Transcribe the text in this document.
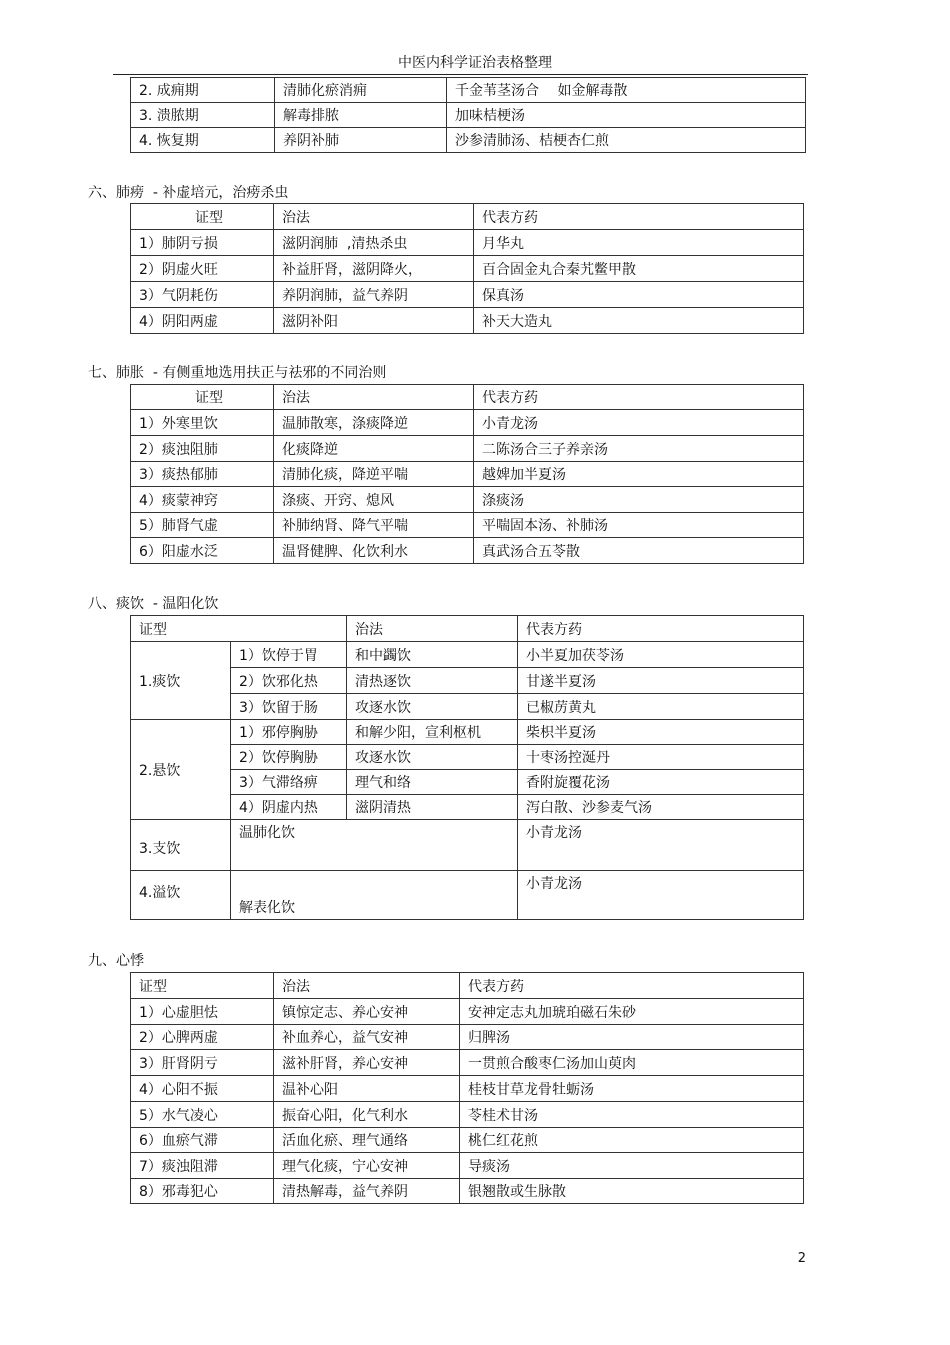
中医内科学证治表格整理
2. 成痈期	清肺化瘀消痈	千金苇茎汤合　 如金解毒散
3. 溃脓期	解毒排脓	加味桔梗汤
4. 恢复期	养阴补肺	沙参清肺汤、桔梗杏仁煎
六、肺痨  - 补虚培元，治痨杀虫
证型	治法	代表方药
1）肺阴亏损	滋阴润肺  ,清热杀虫	月华丸
2）阴虚火旺	补益肝肾，滋阴降火，	百合固金丸合秦艽鳖甲散
3）气阴耗伤	养阴润肺，益气养阴	保真汤
4）阴阳两虚	滋阴补阳	补天大造丸
七、肺胀  - 有侧重地选用扶正与祛邪的不同治则
证型	治法	代表方药
1）外寒里饮	温肺散寒，涤痰降逆	小青龙汤
2）痰浊阻肺	化痰降逆	二陈汤合三子养亲汤
3）痰热郁肺	清肺化痰，降逆平喘	越婢加半夏汤
4）痰蒙神窍	涤痰、开窍、熄风	涤痰汤
5）肺肾气虚	补肺纳肾、降气平喘	平喘固本汤、补肺汤
6）阳虚水泛	温肾健脾、化饮利水	真武汤合五苓散
八、痰饮  - 温阳化饮
证型		治法	代表方药
1.痰饮	1）饮停于胃	和中蠲饮	小半夏加茯苓汤
	2）饮邪化热	清热逐饮	甘遂半夏汤
	3）饮留于肠	攻逐水饮	已椒苈黄丸
2.悬饮	1）邪停胸胁	和解少阳，宣利枢机	柴枳半夏汤
	2）饮停胸胁	攻逐水饮	十枣汤控涎丹
	3）气滞络痹	理气和络	香附旋覆花汤
	4）阴虚内热	滋阴清热	泻白散、沙参麦气汤
3.支饮	温肺化饮		小青龙汤
4.溢饮	解表化饮		小青龙汤
九、心悸
证型	治法	代表方药
1）心虚胆怯	镇惊定志、养心安神	安神定志丸加琥珀磁石朱砂
2）心脾两虚	补血养心，益气安神	归脾汤
3）肝肾阴亏	滋补肝肾，养心安神	一贯煎合酸枣仁汤加山萸肉
4）心阳不振	温补心阳	桂枝甘草龙骨牡蛎汤
5）水气凌心	振奋心阳，化气利水	苓桂术甘汤
6）血瘀气滞	活血化瘀、理气通络	桃仁红花煎
7）痰浊阻滞	理气化痰，宁心安神	导痰汤
8）邪毒犯心	清热解毒，益气养阴	银翘散或生脉散
2
